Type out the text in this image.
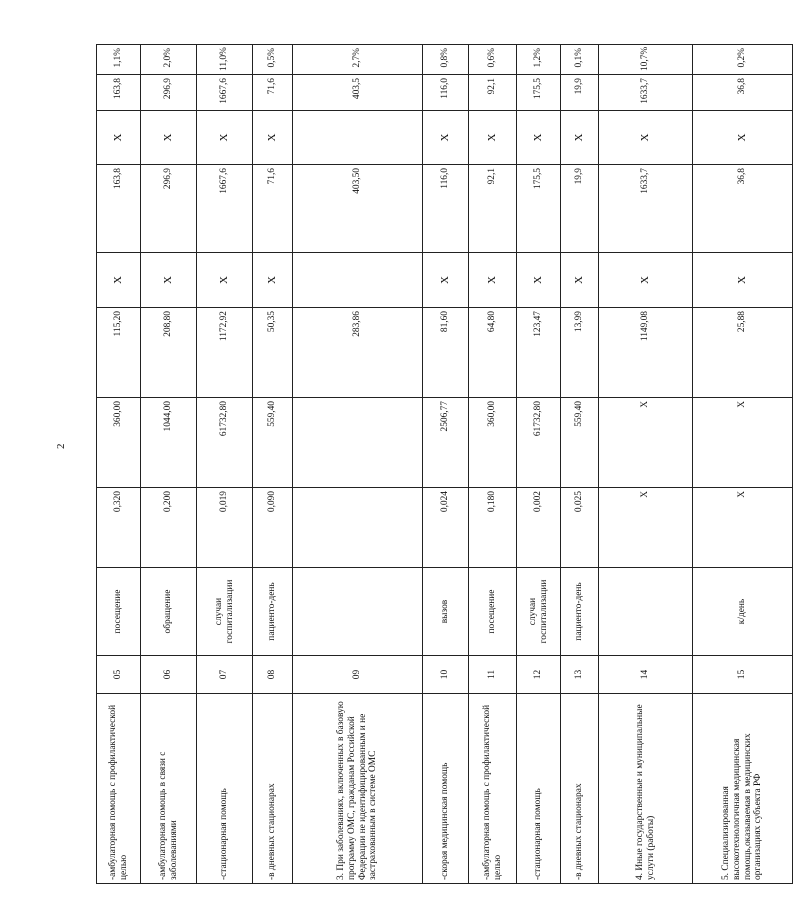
2
-амбулаторная помощь с профилактической целью	05	посещение	0,320	360,00	115,20	X	163,8	X	163,8	1,1%
-амбулаторная помощь в связи с заболеваниями	06	обращение	0,200	1044,00	208,80	X	296,9	X	296,9	2,0%
-стационарная помощь	07	случаи госпитализации	0,019	61732,80	1172,92	X	1667,6	X	1667,6	11,0%
-в дневных стационарах	08	пациенто-день	0,090	559,40	50,35	X	71,6	X	71,6	0,5%
3. При заболеваниях, включенных в базовую программу ОМС, гражданам Российской Федерации не идентифицированным и не застрахованным в системе ОМС	09				283,86		403,50		403,5	2,7%
-скорая медицинская помощь	10	вызов	0,024	2506,77	81,60	X	116,0	X	116,0	0,8%
-амбулаторная помощь с профилактической целью	11	посещение	0,180	360,00	64,80	X	92,1	X	92,1	0,6%
-стационарная помощь	12	случаи госпитализации	0,002	61732,80	123,47	X	175,5	X	175,5	1,2%
-в дневных стационарах	13	пациенто-день	0,025	559,40	13,99	X	19,9	X	19,9	0,1%
4. Иные государственные и муниципальные услуги (работы)	14		X	X	1149,08	X	1633,7	X	1633,7	10,7%
5. Специализированная высокотехнологичная медицинская помощь,оказываемая в медицинских организациях субъекта РФ	15	к/день	X	X	25,88	X	36,8	X	36,8	0,2%
